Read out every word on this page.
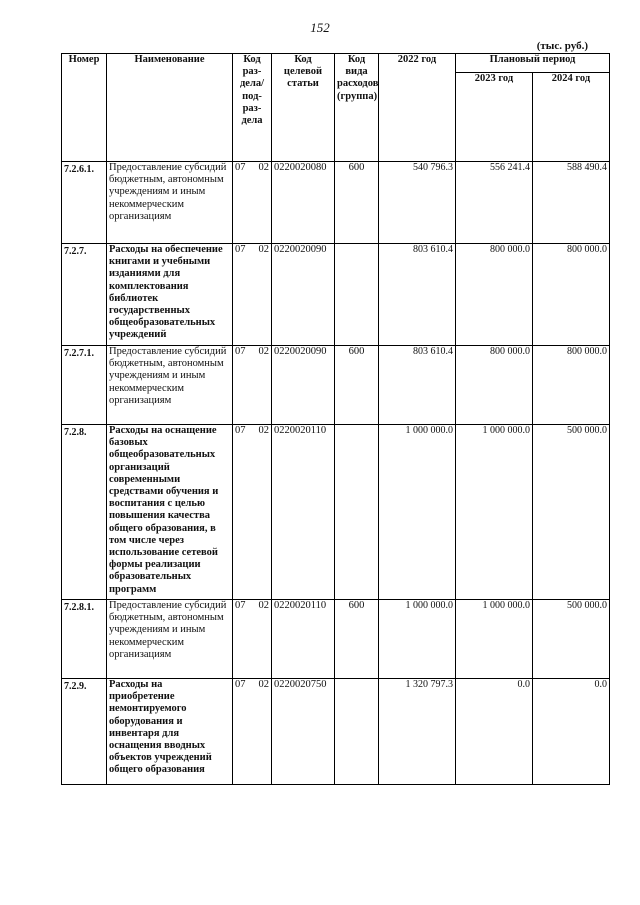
152
(тыс. руб.)
Номер	Наименование	Код раз-дела/ под-раз-дела	Код целевой статьи	Код вида расходов (группа)	2022 год	Плановый период	
						2023 год	2024 год
7.2.6.1.	Предоставление субсидий бюджетным, автономным учреждениям и иным некоммерческим организациям	07 02	0220020080	600	540 796.3	556 241.4	588 490.4
7.2.7.	Расходы на обеспечение книгами и учебными изданиями для комплектования библиотек государственных общеобразовательных учреждений	07 02	0220020090		803 610.4	800 000.0	800 000.0
7.2.7.1.	Предоставление субсидий бюджетным, автономным учреждениям и иным некоммерческим организациям	07 02	0220020090	600	803 610.4	800 000.0	800 000.0
7.2.8.	Расходы на оснащение базовых общеобразовательных организаций современными средствами обучения и воспитания с целью повышения качества общего образования, в том числе через использование сетевой формы реализации образовательных программ	07 02	0220020110		1 000 000.0	1 000 000.0	500 000.0
7.2.8.1.	Предоставление субсидий бюджетным, автономным учреждениям и иным некоммерческим организациям	07 02	0220020110	600	1 000 000.0	1 000 000.0	500 000.0
7.2.9.	Расходы на приобретение немонтируемого оборудования и инвентаря для оснащения вводных объектов учреждений общего образования	07 02	0220020750		1 320 797.3	0.0	0.0
